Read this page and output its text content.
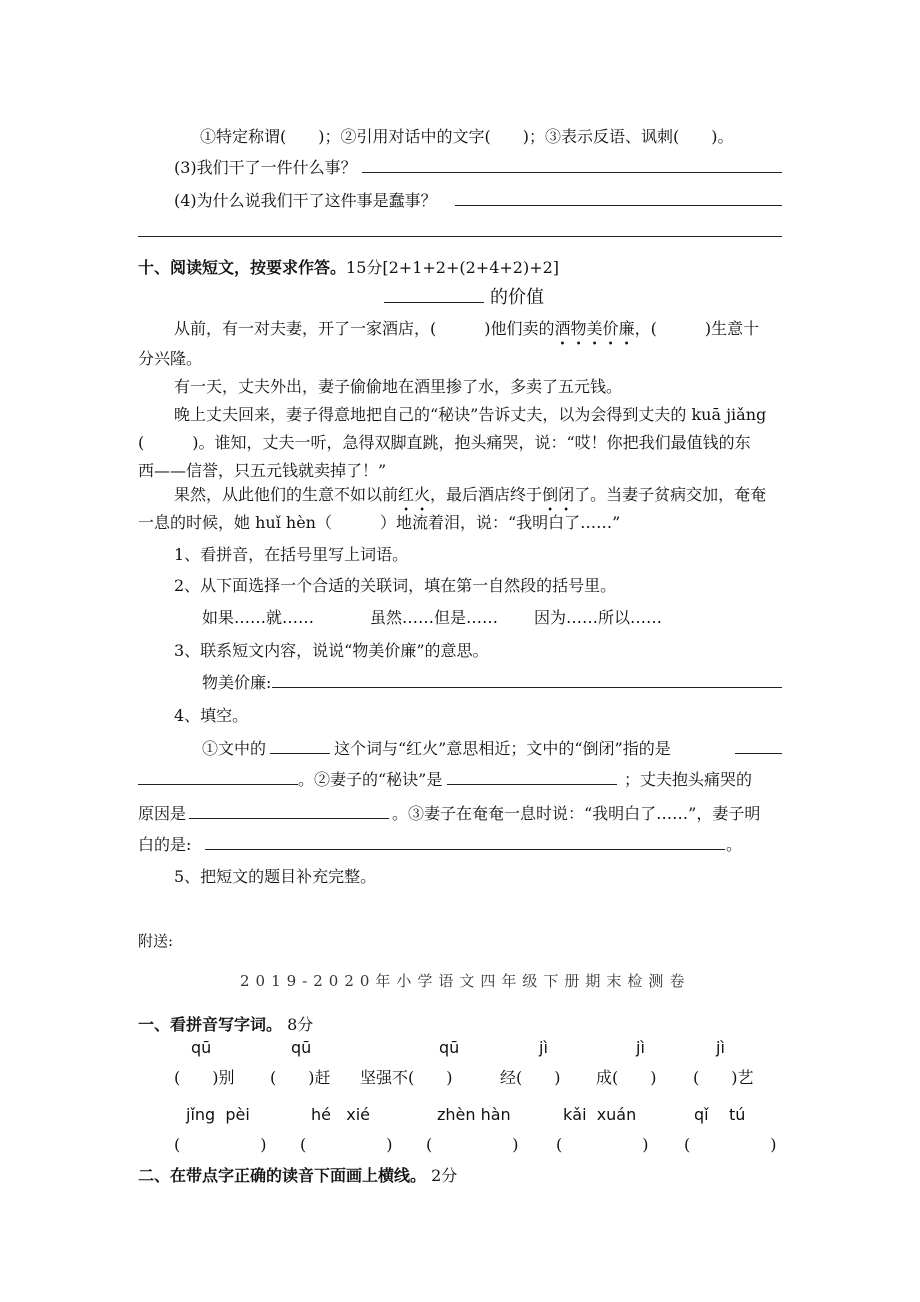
①特定称谓(　　)；②引用对话中的文字(　　)；③表示反语、讽刺(　　)。
(3)我们干了一件什么事？
(4)为什么说我们干了这件事是蠢事？
十、阅读短文，按要求作答。15分[2+1+2+(2+4+2)+2]
的价值
从前，有一对夫妻，开了一家酒店，(　　　)他们卖的酒物美价廉，(　　　)生意十
分兴隆。
有一天，丈夫外出，妻子偷偷地在酒里掺了水，多卖了五元钱。
晚上丈夫回来，妻子得意地把自己的“秘诀”告诉丈夫，以为会得到丈夫的 kuā jiǎng
(　　　)。谁知，丈夫一听，急得双脚直跳，抱头痛哭，说：“哎！你把我们最值钱的东
西——信誉，只五元钱就卖掉了！”
果然，从此他们的生意不如以前红火，最后酒店终于倒闭了。当妻子贫病交加，奄奄
一息的时候，她 huǐ hèn（　　　）地流着泪，说：“我明白了……”
1、看拼音，在括号里写上词语。
2、从下面选择一个合适的关联词，填在第一自然段的括号里。
如果……就……	虽然……但是…… 因为……所以……
3、联系短文内容，说说“物美价廉”的意思。
物美价廉:
4、填空。
①文中的	这个词与“红火”意思相近；文中的“倒闭”指的是
。②妻子的“秘诀”是	；丈夫抱头痛哭的
原因是	。③妻子在奄奄一息时说：“我明白了……”，妻子明
白的是:	。
5、把短文的题目补充完整。
附送:
2019-2020年小学语文四年级下册期末检测卷
一、看拼音写字词。 8分
qū	qū	qū	jì	jì	jì
(　　)别 (　　)赶 坚强不(　　)	经(　　) 成(　　) (　　)艺
jǐng  pèi	hé   xié	zhèn hàn	kǎi  xuán	qǐ    tú
(　　　　　) (　　　　　) (　　　　　) (　　　　　) (　　　　　)
二、在带点字正确的读音下面画上横线。 2分
